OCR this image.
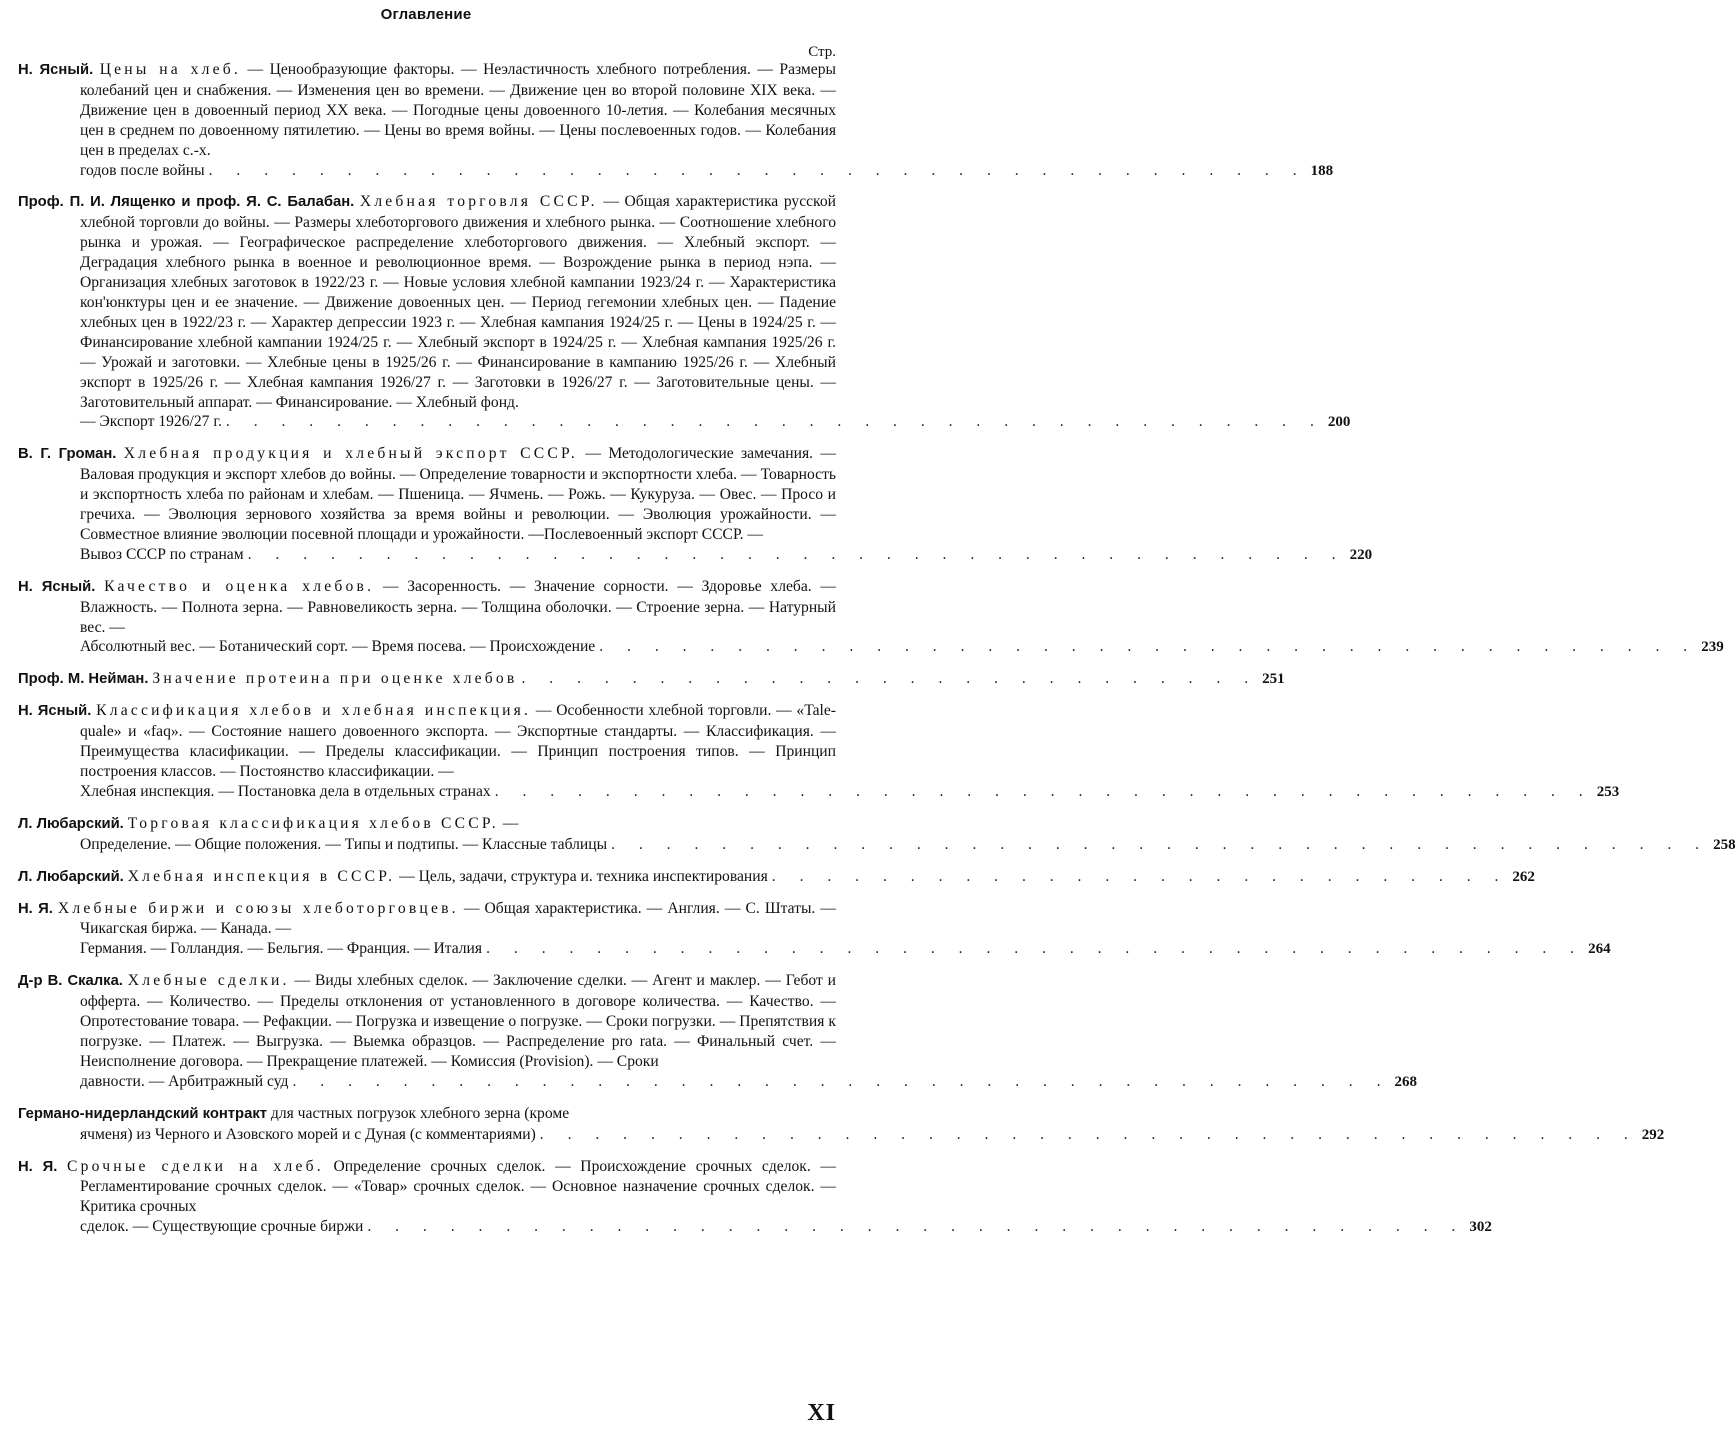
Оглавление
Стр.
Н. Ясный. Цены на хлеб. — Ценообразующие факторы. — Неэластичность хлебного потребления. — Размеры колебаний цен и снабжения. — Изменения цен во времени. — Движение цен во второй половине XIX века. — Движение цен в довоенный период XX века. — Погодные цены довоенного 10-летия. — Колебания месячных цен в среднем по довоенному пятилетию. — Цены во время войны. — Цены послевоенных годов. — Колебания цен в пределах с.-х.
годов после войны . . . . . . . . . . . . . . . . . . . . . . . . . . . . . . . . . . . . . . . . 188
Проф. П. И. Лященко и проф. Я. С. Балабан. Хлебная торговля СССР. — Общая характеристика русской хлебной торговли до войны. — Размеры хлеботоргового движения и хлебного рынка. — Соотношение хлебного рынка и урожая. — Географическое распределение хлеботоргового движения. — Хлебный экспорт. — Деградация хлебного рынка в военное и революционное время. — Возрождение рынка в период нэпа. — Организация хлебных заготовок в 1922/23 г. — Новые условия хлебной кампании 1923/24 г. — Характеристика кон'юнктуры цен и ее значение. — Движение довоенных цен. — Период гегемонии хлебных цен. — Падение хлебных цен в 1922/23 г. — Характер депрессии 1923 г. — Хлебная кампания 1924/25 г. — Цены в 1924/25 г. — Финансирование хлебной кампании 1924/25 г. — Хлебный экспорт в 1924/25 г. — Хлебная кампания 1925/26 г. — Урожай и заготовки. — Хлебные цены в 1925/26 г. — Финансирование в кампанию 1925/26 г. — Хлебный экспорт в 1925/26 г. — Хлебная кампания 1926/27 г. — Заготовки в 1926/27 г. — Заготовительные цены. — Заготовительный аппарат. — Финансирование. — Хлебный фонд.
— Экспорт 1926/27 г. . . . . . . . . . . . . . . . . . . . . . . . . . . . . . . . . . . . . . . . . 200
В. Г. Громан. Хлебная продукция и хлебный экспорт СССР. — Методологические замечания. — Валовая продукция и экспорт хлебов до войны. — Определение товарности и экспортности хлеба. — Товарность и экспортность хлеба по районам и хлебам. — Пшеница. — Ячмень. — Рожь. — Кукуруза. — Овес. — Просо и гречиха. — Эволюция зернового хозяйства за время войны и революции. — Эволюция урожайности. — Совместное влияние эволюции посевной площади и урожайности. —Послевоенный экспорт СССР. —
Вывоз СССР по странам . . . . . . . . . . . . . . . . . . . . . . . . . . . . . . . . . . . . . . . . 220
Н. Ясный. Качество и оценка хлебов. — Засоренность. — Значение сорности. — Здоровье хлеба. — Влажность. — Полнота зерна. — Равновеликость зерна. — Толщина оболочки. — Строение зерна. — Натурный вес. —
Абсолютный вес. — Ботанический сорт. — Время посева. — Происхождение . . . . . . . . . . . . . . . . . . . . . . . . . . . . . . . . . . . . . . . . 239
Проф. М. Нейман. Значение протеина при оценке хлебов . . . . . . . . . . . . . . . . . . . . . . . . . . . 251
Н. Ясный. Классификация хлебов и хлебная инспекция. — Особенности хлебной торговли. — «Tale-quale» и «faq». — Состояние нашего довоенного экспорта. — Экспортные стандарты. — Классификация. — Преимущества класификации. — Пределы классификации. — Принцип построения типов. — Принцип построения классов. — Постоянство классификации. —
Хлебная инспекция. — Постановка дела в отдельных странах . . . . . . . . . . . . . . . . . . . . . . . . . . . . . . . . . . . . . . . . 253
Л. Любарский. Торговая классификация хлебов СССР. —
Определение. — Общие положения. — Типы и подтипы. — Классные таблицы . . . . . . . . . . . . . . . . . . . . . . . . . . . . . . . . . . . . . . . . 258
Л. Любарский. Хлебная инспекция в СССР. — Цель, задачи, структура и. техника инспектирования . . . . . . . . . . . . . . . . . . . . . . . . . . . 262
Н. Я. Хлебные биржи и союзы хлеботорговцев. — Общая характеристика. — Англия. — С. Штаты. — Чикагская биржа. — Канада. —
Германия. — Голландия. — Бельгия. — Франция. — Италия . . . . . . . . . . . . . . . . . . . . . . . . . . . . . . . . . . . . . . . . 264
Д-р В. Скалка. Хлебные сделки. — Виды хлебных сделок. — Заключение сделки. — Агент и маклер. — Гебот и офферта. — Количество. — Пределы отклонения от установленного в договоре количества. — Качество. — Опротестование товара. — Рефакции. — Погрузка и извещение о погрузке. — Сроки погрузки. — Препятствия к погрузке. — Платеж. — Выгрузка. — Выемка образцов. — Распределение pro rata. — Финальный счет. — Неисполнение договора. — Прекращение платежей. — Комиссия (Provision). — Сроки
давности. — Арбитражный суд . . . . . . . . . . . . . . . . . . . . . . . . . . . . . . . . . . . . . . . . 268
Германо-нидерландский контракт для частных погрузок хлебного зерна (кроме
ячменя) из Черного и Азовского морей и с Дуная (с комментариями) . . . . . . . . . . . . . . . . . . . . . . . . . . . . . . . . . . . . . . . . 292
Н. Я. Срочные сделки на хлеб. Определение срочных сделок. — Происхождение срочных сделок. — Регламентирование срочных сделок. — «Товар» срочных сделок. — Основное назначение срочных сделок. — Критика срочных
сделок. — Существующие срочные биржи . . . . . . . . . . . . . . . . . . . . . . . . . . . . . . . . . . . . . . . . 302
XI
